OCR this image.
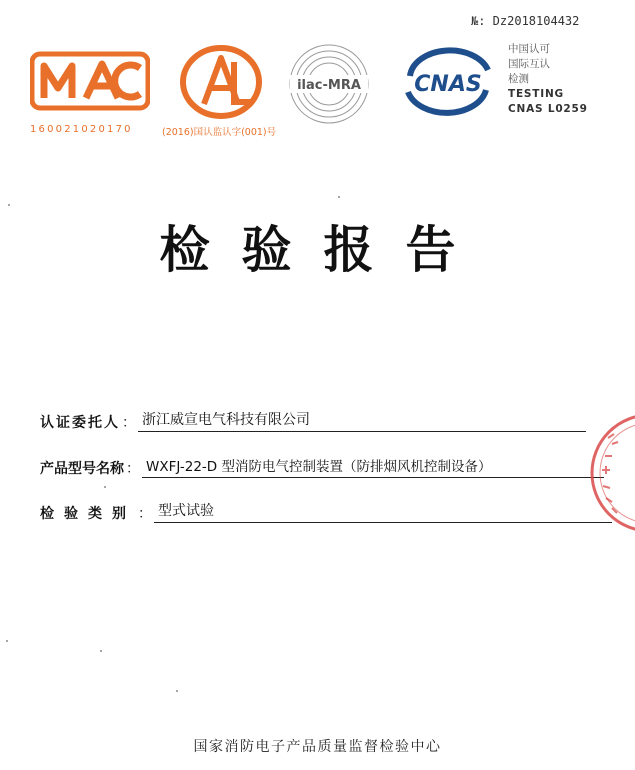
№: Dz2018104432
160021020170	(2016)国认监认字(001)号
ilac-MRA CNAS
中国认可
国际互认
检测
TESTING
CNAS L0259
检验报告
认证委托人 ： 浙江威宣电气科技有限公司
产品型号名称 ： WXFJ-22-D 型消防电气控制装置（防排烟风机控制设备）
检验类别 ： 型式试验
国家消防电子产品质量监督检验中心
